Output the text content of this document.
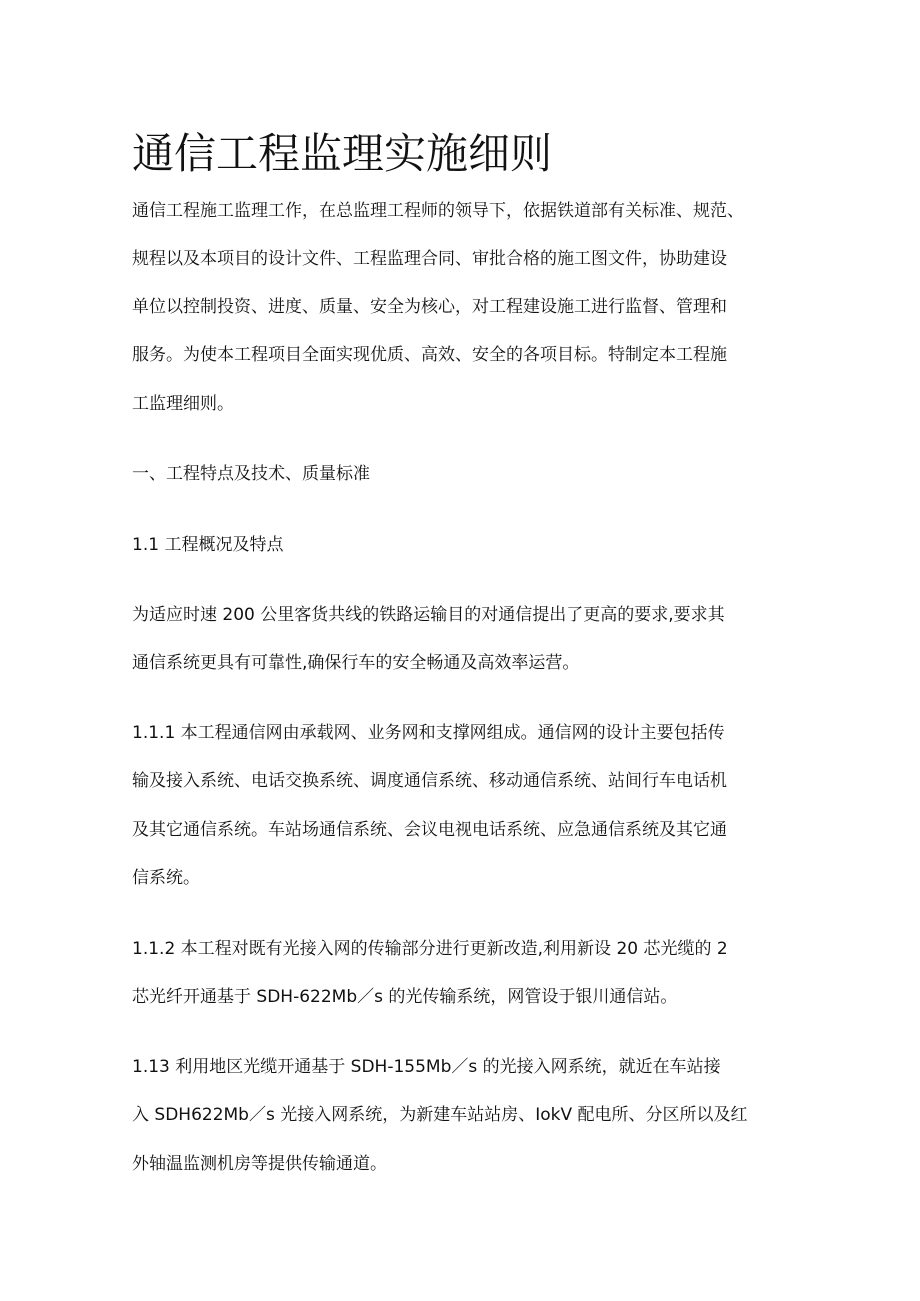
通信工程监理实施细则

通信工程施工监理工作，在总监理工程师的领导下，依据铁道部有关标准、规范、

规程以及本项目的设计文件、工程监理合同、审批合格的施工图文件，协助建设

单位以控制投资、进度、质量、安全为核心，对工程建设施工进行监督、管理和

服务。为使本工程项目全面实现优质、高效、安全的各项目标。特制定本工程施

工监理细则。

一、工程特点及技术、质量标准

1.1 工程概况及特点

为适应时速 200 公里客货共线的铁路运输目的对通信提出了更高的要求,要求其

通信系统更具有可靠性,确保行车的安全畅通及高效率运营。

1.1.1 本工程通信网由承载网、业务网和支撑网组成。通信网的设计主要包括传

输及接入系统、电话交换系统、调度通信系统、移动通信系统、站间行车电话机

及其它通信系统。车站场通信系统、会议电视电话系统、应急通信系统及其它通

信系统。

1.1.2 本工程对既有光接入网的传输部分进行更新改造,利用新设 20 芯光缆的 2

芯光纤开通基于 SDH-622Mb／s 的光传输系统，网管设于银川通信站。

1.13 利用地区光缆开通基于 SDH-155Mb／s 的光接入网系统，就近在车站接

入 SDH622Mb／s 光接入网系统，为新建车站站房、IokV 配电所、分区所以及红

外轴温监测机房等提供传输通道。
